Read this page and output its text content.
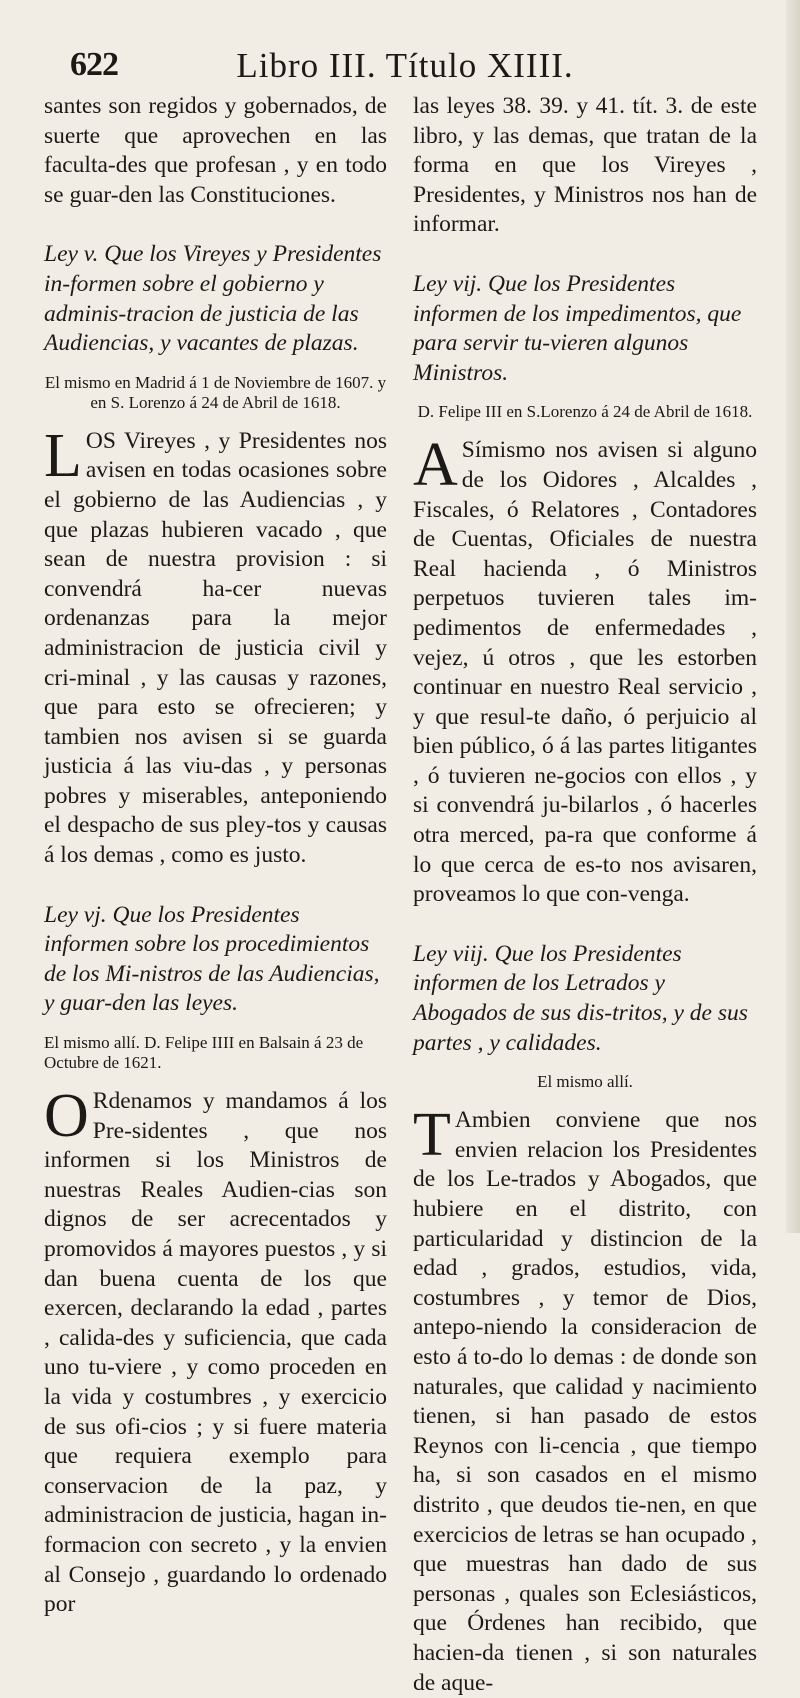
622	Libro III. Título XIIII.

santes son regidos y gobernados, de suerte que aprovechen en las faculta-des que profesan , y en todo se guar-den las Constituciones.

Ley v. Que los Vireyes y Presidentes in-formen sobre el gobierno y adminis-tracion de justicia de las Audiencias, y vacantes de plazas.

El mismo en Madrid á 1 de Noviembre de 1607. y en S. Lorenzo á 24 de Abril de 1618.

LOS Vireyes , y Presidentes nos avisen en todas ocasiones sobre el gobierno de las Audiencias , y que plazas hubieren vacado , que sean de nuestra provision : si convendrá ha-cer nuevas ordenanzas para la mejor administracion de justicia civil y cri-minal , y las causas y razones, que para esto se ofrecieren; y tambien nos avisen si se guarda justicia á las viu-das , y personas pobres y miserables, anteponiendo el despacho de sus pley-tos y causas á los demas , como es justo.

Ley vj. Que los Presidentes informen sobre los procedimientos de los Mi-nistros de las Audiencias, y guar-den las leyes.

El mismo allí. D. Felipe IIII en Balsain á 23 de Octubre de 1621.

O Rdenamos y mandamos á los Pre-sidentes , que nos informen si los Ministros de nuestras Reales Audien-cias son dignos de ser acrecentados y promovidos á mayores puestos , y si dan buena cuenta de los que exercen, declarando la edad , partes , calida-des y suficiencia, que cada uno tu-viere , y como proceden en la vida y costumbres , y exercicio de sus ofi-cios ; y si fuere materia que requiera exemplo para conservacion de la paz, y administracion de justicia, hagan in-formacion con secreto , y la envien al Consejo , guardando lo ordenado por

las leyes 38. 39. y 41. tít. 3. de este libro, y las demas, que tratan de la forma en que los Vireyes , Presidentes, y Ministros nos han de informar.

Ley vij. Que los Presidentes informen de los impedimentos, que para servir tu-vieren algunos Ministros.

D. Felipe III en S.Lorenzo á 24 de Abril de 1618.

A Símismo nos avisen si alguno de los Oidores , Alcaldes , Fiscales, ó Relatores , Contadores de Cuentas, Oficiales de nuestra Real hacienda , ó Ministros perpetuos tuvieren tales im-pedimentos de enfermedades , vejez, ú otros , que les estorben continuar en nuestro Real servicio , y que resul-te daño, ó perjuicio al bien público, ó á las partes litigantes , ó tuvieren ne-gocios con ellos , y si convendrá ju-bilarlos , ó hacerles otra merced, pa-ra que conforme á lo que cerca de es-to nos avisaren, proveamos lo que con-venga.

Ley viij. Que los Presidentes informen de los Letrados y Abogados de sus dis-tritos, y de sus partes , y calidades.

El mismo allí.

T Ambien conviene que nos envien relacion los Presidentes de los Le-trados y Abogados, que hubiere en el distrito, con particularidad y distincion de la edad , grados, estudios, vida, costumbres , y temor de Dios, antepo-niendo la consideracion de esto á to-do lo demas : de donde son naturales, que calidad y nacimiento tienen, si han pasado de estos Reynos con li-cencia , que tiempo ha, si son casados en el mismo distrito , que deudos tie-nen, en que exercicios de letras se han ocupado , que muestras han dado de sus personas , quales son Eclesiásticos, que Órdenes han recibido, que hacien-da tienen , si son naturales de aque-
